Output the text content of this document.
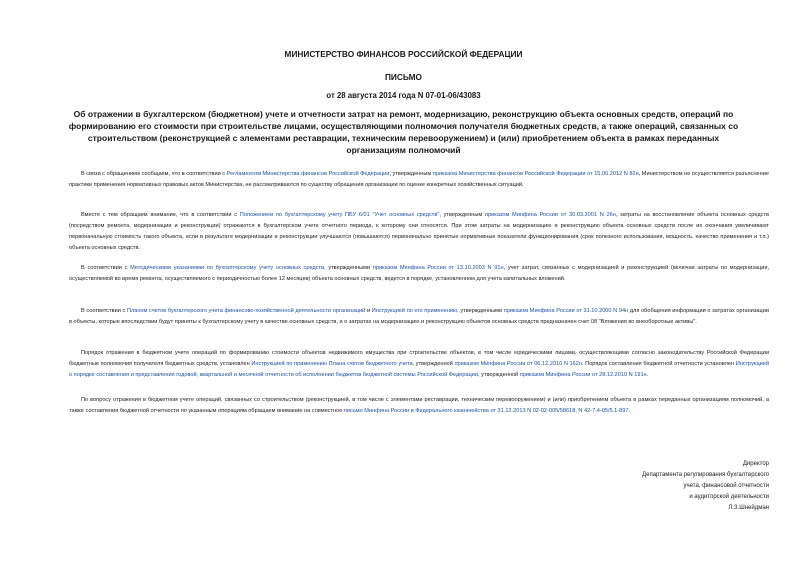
МИНИСТЕРСТВО ФИНАНСОВ РОССИЙСКОЙ ФЕДЕРАЦИИ
ПИСЬМО
от 28 августа 2014 года N 07-01-06/43083
Об отражении в бухгалтерском (бюджетном) учете и отчетности затрат на ремонт, модернизацию, реконструкцию объекта основных средств, операций по формированию его стоимости при строительстве лицами, осуществляющими полномочия получателя бюджетных средств, а также операций, связанных со строительством (реконструкцией с элементами реставрации, техническим перевооружением) и (или) приобретением объекта в рамках переданных организациям полномочий

В связи с обращением сообщаем, что в соответствии с Регламентом Министерства финансов Российской Федерации, утвержденным приказом Министерства финансов Российской Федерации от 15.06.2012 N 82н, Министерством не осуществляется разъяснение практики применения нормативных правовых актов Министерства, не рассматриваются по существу обращения организации по оценке конкретных хозяйственных ситуаций.

Вместе с тем обращаем внимание, что в соответствии с Положением по бухгалтерскому учету ПБУ 6/01 "Учет основных средств", утвержденным приказом Минфина России от 30.03.2001 N 26н, затраты на восстановление объекта основных средств (посредством ремонта, модернизации и реконструкции) отражаются в бухгалтерском учете отчетного периода, к которому они относятся. При этом затраты на модернизацию и реконструкцию объекта основных средств после их окончания увеличивают первоначальную стоимость такого объекта, если в результате модернизации и реконструкции улучшаются (повышаются) первоначально принятые нормативные показатели функционирования (срок полезного использования, мощность, качество применения и т.п.) объекта основных средств.

В соответствии с Методическими указаниями по бухгалтерскому учету основных средств, утвержденными приказом Минфина России от 13.10.2003 N 91н, учет затрат, связанных с модернизацией и реконструкцией (включая затраты по модернизации, осуществляемой во время ремонта, осуществляемого с периодичностью более 12 месяцев) объекта основных средств, ведется в порядке, установленном для учета капитальных вложений.

В соответствии с Планом счетов бухгалтерского учета финансово-хозяйственной деятельности организаций и Инструкцией по его применению, утвержденными приказом Минфина России от 31.10.2000 N 94н для обобщения информации о затратах организации в объекты, которые впоследствии будут приняты к бухгалтерскому учету в качестве основных средств, и о затратах на модернизацию и реконструкцию объектов основных средств предназначен счет 08 "Вложения во внеоборотные активы".

Порядок отражения в бюджетном учете операций по формированию стоимости объектов недвижимого имущества при строительстве объектов, в том числе юридическими лицами, осуществляющими согласно законодательству Российской Федерации бюджетные полномочия получателя бюджетных средств, установлен Инструкцией по применению Плана счетов бюджетного учета, утвержденной приказом Минфина России от 06.12.2010 N 162н. Порядок составления бюджетной отчетности установлен Инструкцией о порядке составления и представления годовой, квартальной и месячной отчетности об исполнении бюджетов бюджетной системы Российской Федерации, утвержденной приказом Минфина России от 28.12.2010 N 191н.

По вопросу отражения в бюджетном учете операций, связанных со строительством (реконструкцией, в том числе с элементами реставрации, техническим перевооружением) и (или) приобретением объекта в рамках переданных организациям полномочий, а также составления бюджетной отчетности по указанным операциям обращаем внимание на совместное письмо Минфина России и Федерального казначейства от 31.12.2013 N 02-02-005/58618, N 42-7.4-05/5.1-897.

Директор
Департамента регулирования бухгалтерского
учета, финансовой отчетности
и аудиторской деятельности
Л.З.Шнейдман
